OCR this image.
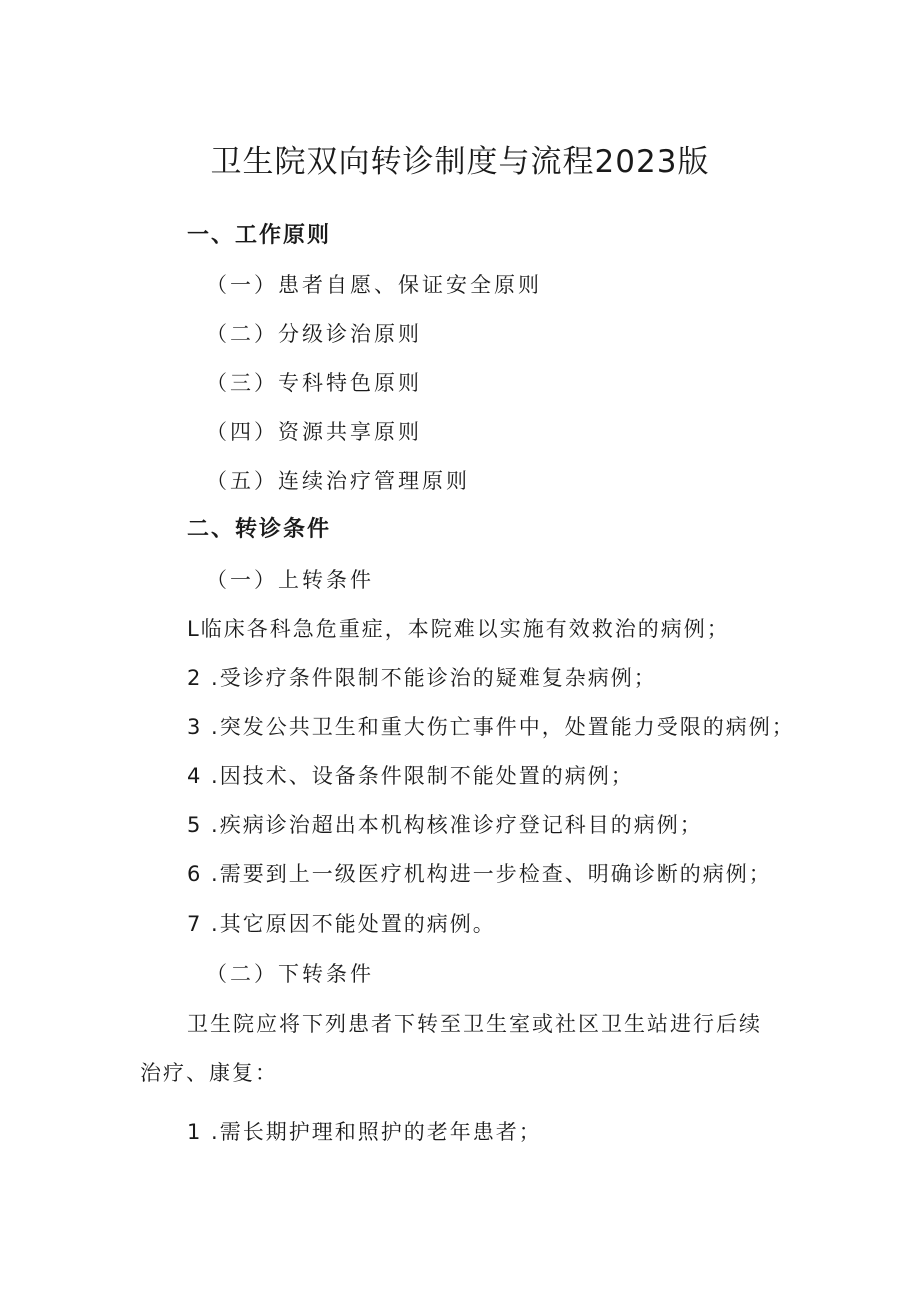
卫生院双向转诊制度与流程2023版
一、工作原则
（一）患者自愿、保证安全原则
（二）分级诊治原则
（三）专科特色原则
（四）资源共享原则
（五）连续治疗管理原则
二、转诊条件
（一）上转条件
L临床各科急危重症，本院难以实施有效救治的病例；
2 .受诊疗条件限制不能诊治的疑难复杂病例；
3 .突发公共卫生和重大伤亡事件中，处置能力受限的病例；
4 .因技术、设备条件限制不能处置的病例；
5 .疾病诊治超出本机构核准诊疗登记科目的病例；
6 .需要到上一级医疗机构进一步检查、明确诊断的病例；
7 .其它原因不能处置的病例。
（二）下转条件
卫生院应将下列患者下转至卫生室或社区卫生站进行后续
治疗、康复：
1 .需长期护理和照护的老年患者；
